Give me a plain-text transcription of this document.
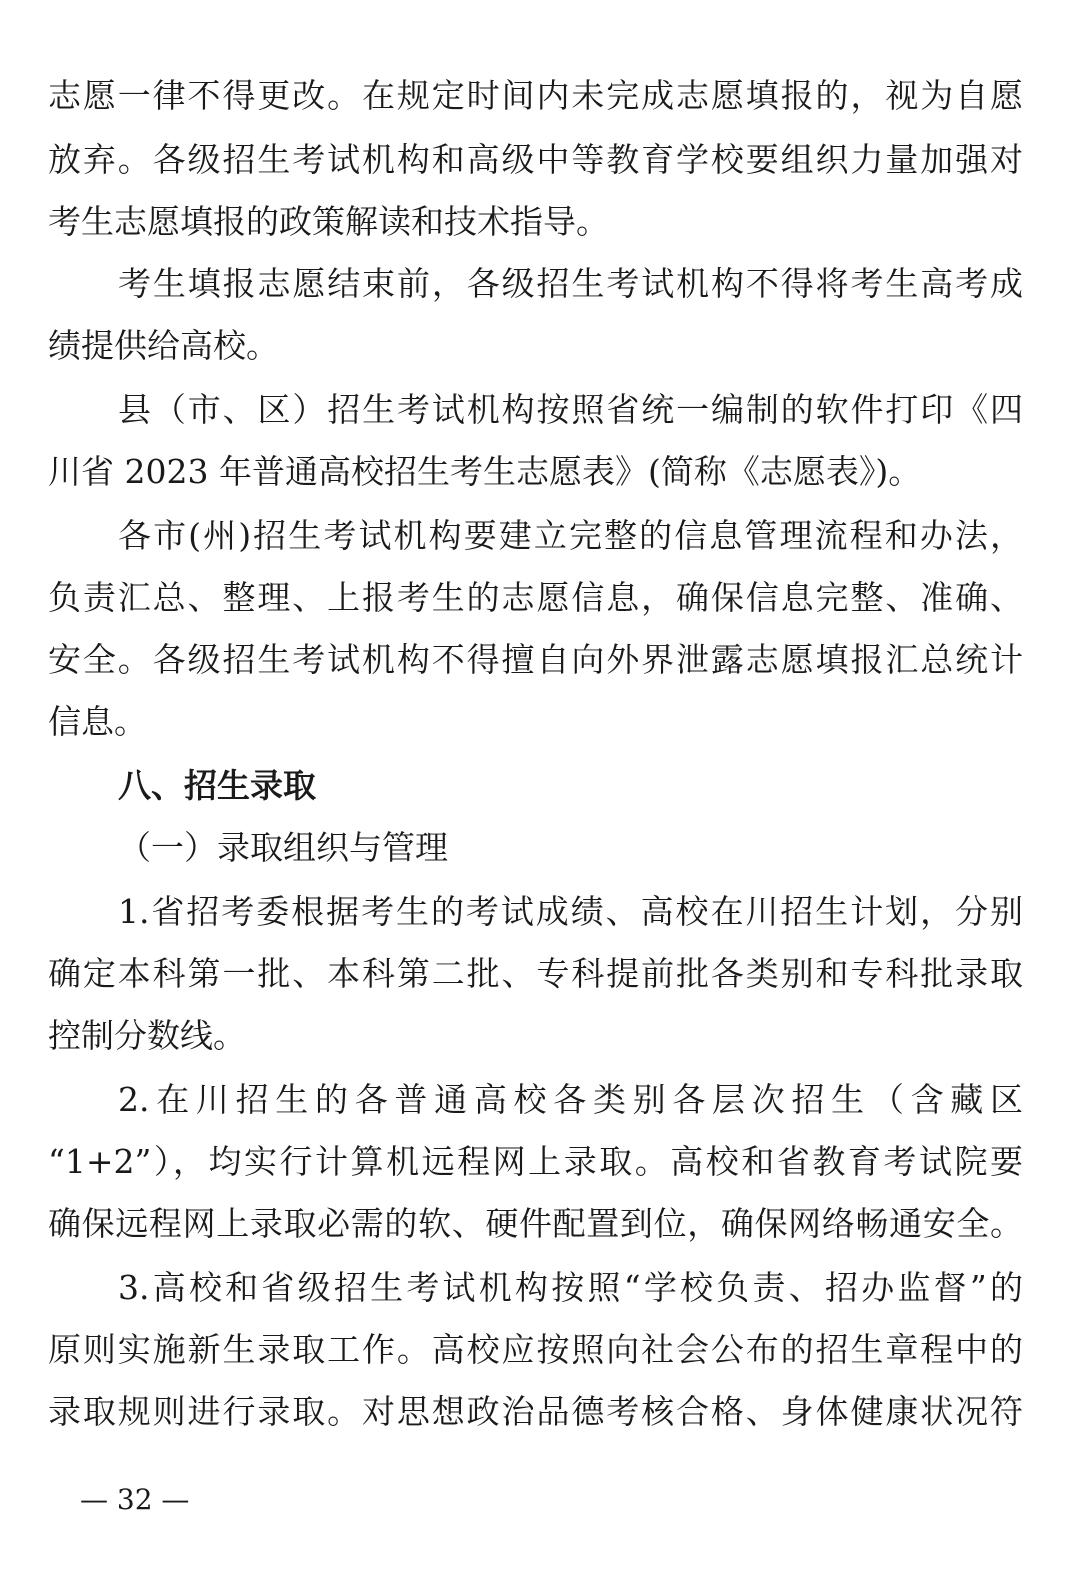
志愿一律不得更改。在规定时间内未完成志愿填报的，视为自愿
放弃。各级招生考试机构和高级中等教育学校要组织力量加强对
考生志愿填报的政策解读和技术指导。
考生填报志愿结束前，各级招生考试机构不得将考生高考成
绩提供给高校。
县（市、区）招生考试机构按照省统一编制的软件打印《四
川省 2023 年普通高校招生考生志愿表》(简称《志愿表》)。
各市(州)招生考试机构要建立完整的信息管理流程和办法，
负责汇总、整理、上报考生的志愿信息，确保信息完整、准确、
安全。各级招生考试机构不得擅自向外界泄露志愿填报汇总统计
信息。
八、招生录取
（一）录取组织与管理
1.省招考委根据考生的考试成绩、高校在川招生计划，分别
确定本科第一批、本科第二批、专科提前批各类别和专科批录取
控制分数线。
2.在川招生的各普通高校各类别各层次招生（含藏区
“1+2”），均实行计算机远程网上录取。高校和省教育考试院要
确保远程网上录取必需的软、硬件配置到位，确保网络畅通安全。
3.高校和省级招生考试机构按照“学校负责、招办监督”的
原则实施新生录取工作。高校应按照向社会公布的招生章程中的
录取规则进行录取。对思想政治品德考核合格、身体健康状况符
— 32 —
